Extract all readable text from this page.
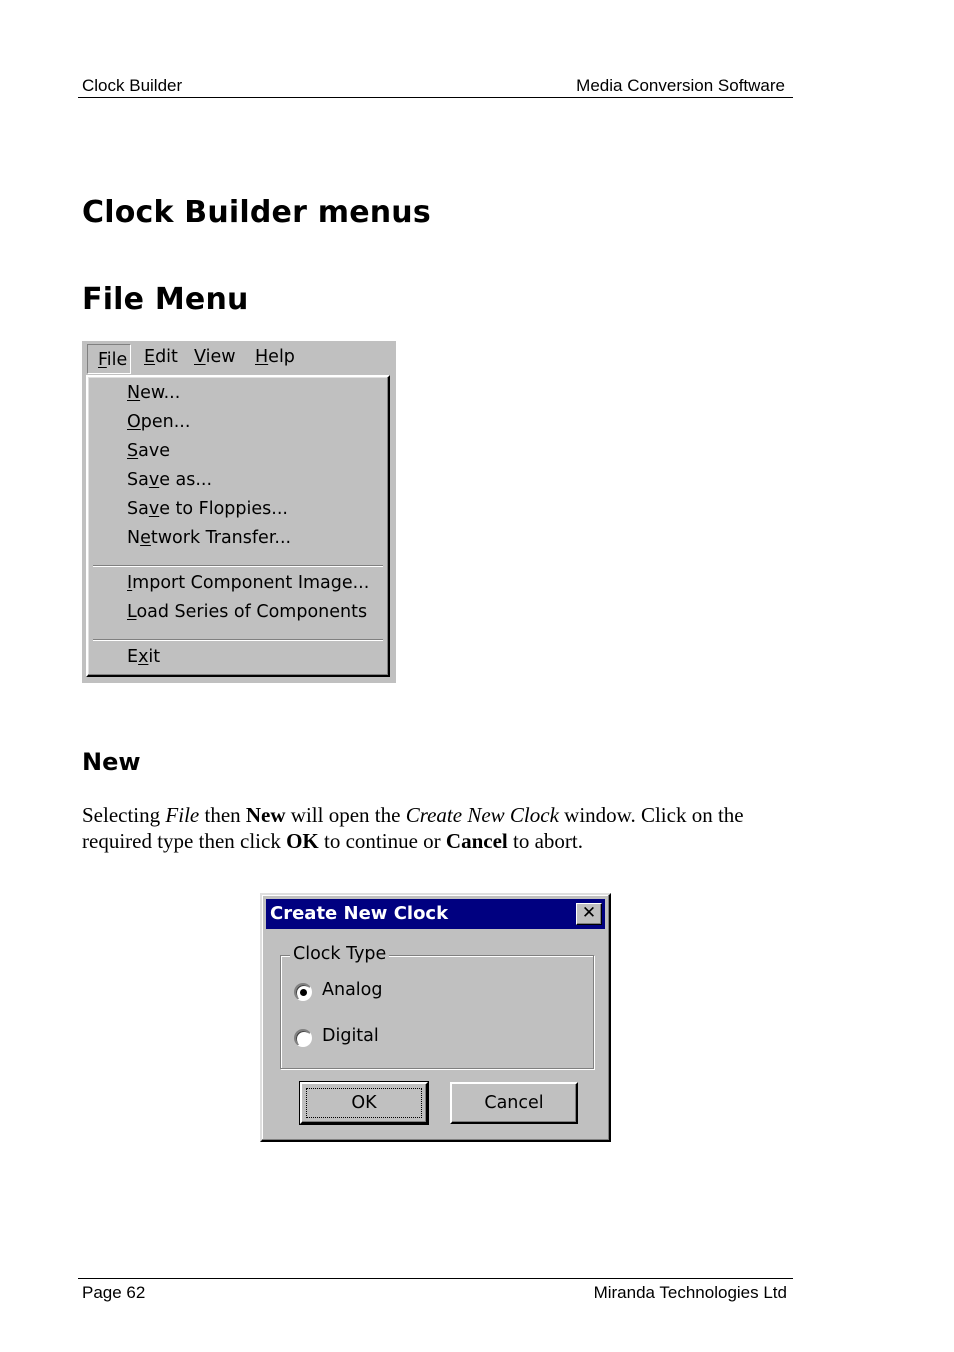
Clock Builder	Media Conversion Software
Clock Builder menus
File Menu
File Edit View Help
New...
Open...
Save
Save as...
Save to Floppies...
Network Transfer...
Import Component Image...
Load Series of Components
Exit
New
Selecting File then New will open the Create New Clock window. Click on the required type then click OK to continue or Cancel to abort.
Create New Clock	✕
Clock Type
Analog
Digital
OK	Cancel
Page 62	Miranda Technologies Ltd
